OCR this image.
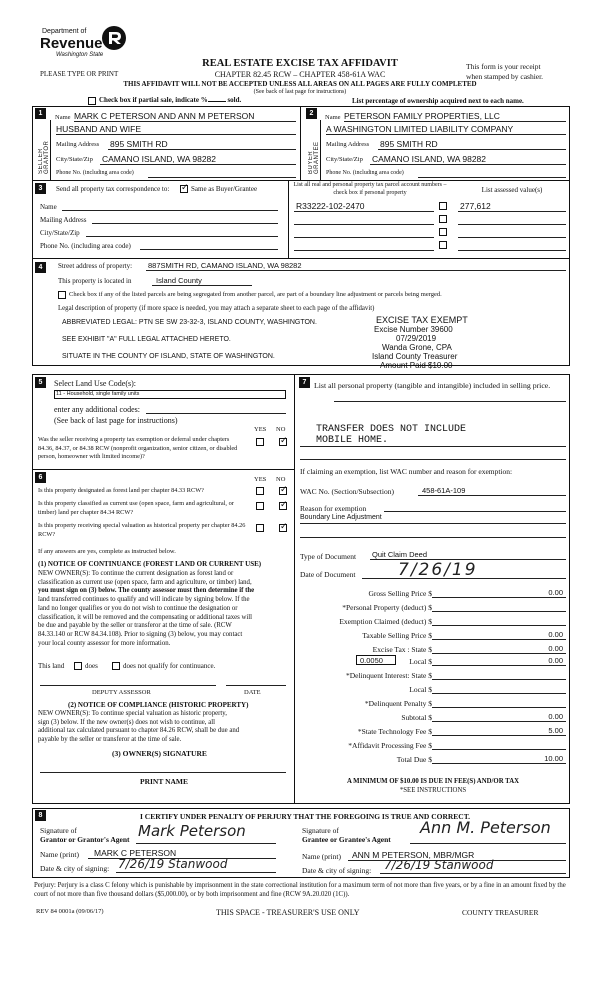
Department of
Revenue
Washington State
PLEASE TYPE OR PRINT
REAL ESTATE EXCISE TAX AFFIDAVIT
CHAPTER 82.45 RCW – CHAPTER 458-61A WAC
This form is your receipt
when stamped by cashier.
THIS AFFIDAVIT WILL NOT BE ACCEPTED UNLESS ALL AREAS ON ALL PAGES ARE FULLY COMPLETED
(See back of last page for instructions)
Check box if partial sale, indicate %	sold.	List percentage of ownership acquired next to each name.
1
SELLER GRANTOR
Name MARK C PETERSON AND ANN M PETERSON
HUSBAND AND WIFE
Mailing Address 895 SMITH RD
City/State/Zip CAMANO ISLAND, WA 98282
Phone No. (including area code)
2
BUYER GRANTEE
Name PETERSON FAMILY PROPERTIES, LLC
A WASHINGTON LIMITED LIABILITY COMPANY
Mailing Address 895 SMITH RD
City/State/Zip CAMANO ISLAND, WA 98282
Phone No. (including area code)
3	Send all property tax correspondence to:
✓	Same as Buyer/Grantee
Name
Mailing Address
City/State/Zip
Phone No. (including area code)
List all real and personal property tax parcel account numbers – check box if personal property	List assessed value(s)
R33222-102-2470	277,612
4	Street address of property: 887SMITH RD, CAMANO ISLAND, WA 98282
This property is located in	Island County
Check box if any of the listed parcels are being segregated from another parcel, are part of a boundary line adjustment or parcels being merged.
Legal description of property (if more space is needed, you may attach a separate sheet to each page of the affidavit)
ABBREVIATED LEGAL: PTN SE SW 23-32-3, ISLAND COUNTY, WASHINGTON.
SEE EXHIBIT "A" FULL LEGAL ATTACHED HERETO.
SITUATE IN THE COUNTY OF ISLAND, STATE OF WASHINGTON.
EXCISE TAX EXEMPT
Excise Number 39600
07/29/2019
Wanda Grone, CPA
Island County Treasurer
Amount Paid $10.00
5	Select Land Use Code(s):
11 - Household, single family units
enter any additional codes:
(See back of last page for instructions)
YES NO
Was the seller receiving a property tax exemption or deferral under chapters 84.36, 84.37, or 84.38 RCW (nonprofit organization, senior citizen, or disabled person, homeowner with limited income)?
✓
6	YES NO
Is this property designated as forest land per chapter 84.33 RCW?
✓
Is this property classified as current use (open space, farm and agricultural, or timber) land per chapter 84.34 RCW?
✓
Is this property receiving special valuation as historical property per chapter 84.26 RCW?
✓
If any answers are yes, complete as instructed below.
(1) NOTICE OF CONTINUANCE (FOREST LAND OR CURRENT USE)
NEW OWNER(S): To continue the current designation as forest land or
classification as current use (open space, farm and agriculture, or timber) land,
you must sign on (3) below. The county assessor must then determine if the
land transferred continues to qualify and will indicate by signing below. If the
land no longer qualifies or you do not wish to continue the designation or
classification, it will be removed and the compensating or additional taxes will
be due and payable by the seller or transferor at the time of sale. (RCW
84.33.140 or RCW 84.34.108). Prior to signing (3) below, you may contact
your local county assessor for more information.
This land	does	does not qualify for continuance.
DEPUTY ASSESSOR	DATE
(2) NOTICE OF COMPLIANCE (HISTORIC PROPERTY)
NEW OWNER(S): To continue special valuation as historic property,
sign (3) below. If the new owner(s) does not wish to continue, all
additional tax calculated pursuant to chapter 84.26 RCW, shall be due and
payable by the seller or transferor at the time of sale.
(3) OWNER(S) SIGNATURE
PRINT NAME
7 List all personal property (tangible and intangible) included in selling price.
TRANSFER DOES NOT INCLUDE
MOBILE HOME.
If claiming an exemption, list WAC number and reason for exemption:
WAC No. (Section/Subsection)	458-61A-109
Reason for exemption
Boundary Line Adjustment
Type of Document Quit Claim Deed
Date of Document	7/26/19
Gross Selling Price $	0.00
*Personal Property (deduct) $
Exemption Claimed (deduct) $
Taxable Selling Price $	0.00
Excise Tax : State $	0.00
0.0050	Local $	0.00
*Delinquent Interest: State $
Local $
*Delinquent Penalty $
Subtotal $	0.00
*State Technology Fee $	5.00
*Affidavit Processing Fee $
Total Due $	10.00
A MINIMUM OF $10.00 IS DUE IN FEE(S) AND/OR TAX
*SEE INSTRUCTIONS
8	I CERTIFY UNDER PENALTY OF PERJURY THAT THE FOREGOING IS TRUE AND CORRECT.
Signature of
Grantor or Grantor's Agent Mark Peterson
Name (print) MARK C PETERSON
Date & city of signing: 7/26/19 Stanwood
Signature of
Grantee or Grantee's Agent
Ann M. Peterson
Name (print) ANN M PETERSON, MBR/MGR
Date & city of signing: 7/26/19 Stanwood
Perjury: Perjury is a class C felony which is punishable by imprisonment in the state correctional institution for a maximum term of not more than five years, or by a fine in an amount fixed by the court of not more than five thousand dollars ($5,000.00), or by both imprisonment and fine (RCW 9A.20.020 (1C)).
REV 84 0001a (09/06/17)	THIS SPACE - TREASURER'S USE ONLY	COUNTY TREASURER
